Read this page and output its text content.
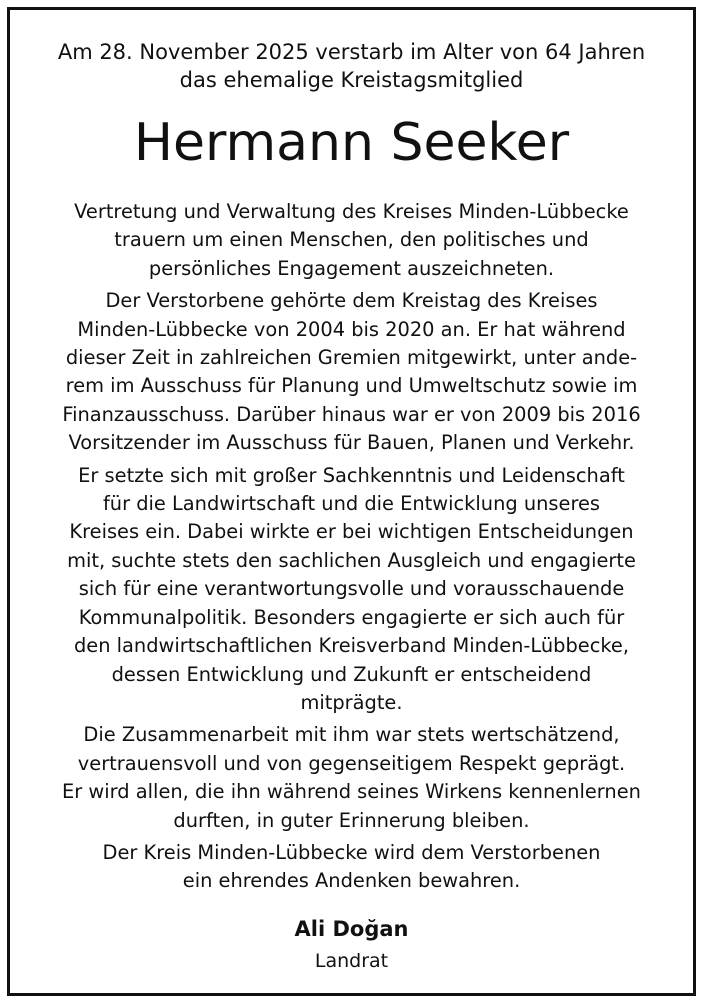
Am 28. November 2025 verstarb im Alter von 64 Jahren
das ehemalige Kreistagsmitglied

Hermann Seeker

Vertretung und Verwaltung des Kreises Minden-Lübbecke
trauern um einen Menschen, den politisches und
persönliches Engagement auszeichneten.

Der Verstorbene gehörte dem Kreistag des Kreises
Minden-Lübbecke von 2004 bis 2020 an. Er hat während
dieser Zeit in zahlreichen Gremien mitgewirkt, unter ande-
rem im Ausschuss für Planung und Umweltschutz sowie im
Finanzausschuss. Darüber hinaus war er von 2009 bis 2016
Vorsitzender im Ausschuss für Bauen, Planen und Verkehr.

Er setzte sich mit großer Sachkenntnis und Leidenschaft
für die Landwirtschaft und die Entwicklung unseres
Kreises ein. Dabei wirkte er bei wichtigen Entscheidungen
mit, suchte stets den sachlichen Ausgleich und engagierte
sich für eine verantwortungsvolle und vorausschauende
Kommunalpolitik. Besonders engagierte er sich auch für
den landwirtschaftlichen Kreisverband Minden-Lübbecke,
dessen Entwicklung und Zukunft er entscheidend
mitprägte.

Die Zusammenarbeit mit ihm war stets wertschätzend,
vertrauensvoll und von gegenseitigem Respekt geprägt.
Er wird allen, die ihn während seines Wirkens kennenlernen
durften, in guter Erinnerung bleiben.

Der Kreis Minden-Lübbecke wird dem Verstorbenen
ein ehrendes Andenken bewahren.

Ali Doğan
Landrat
